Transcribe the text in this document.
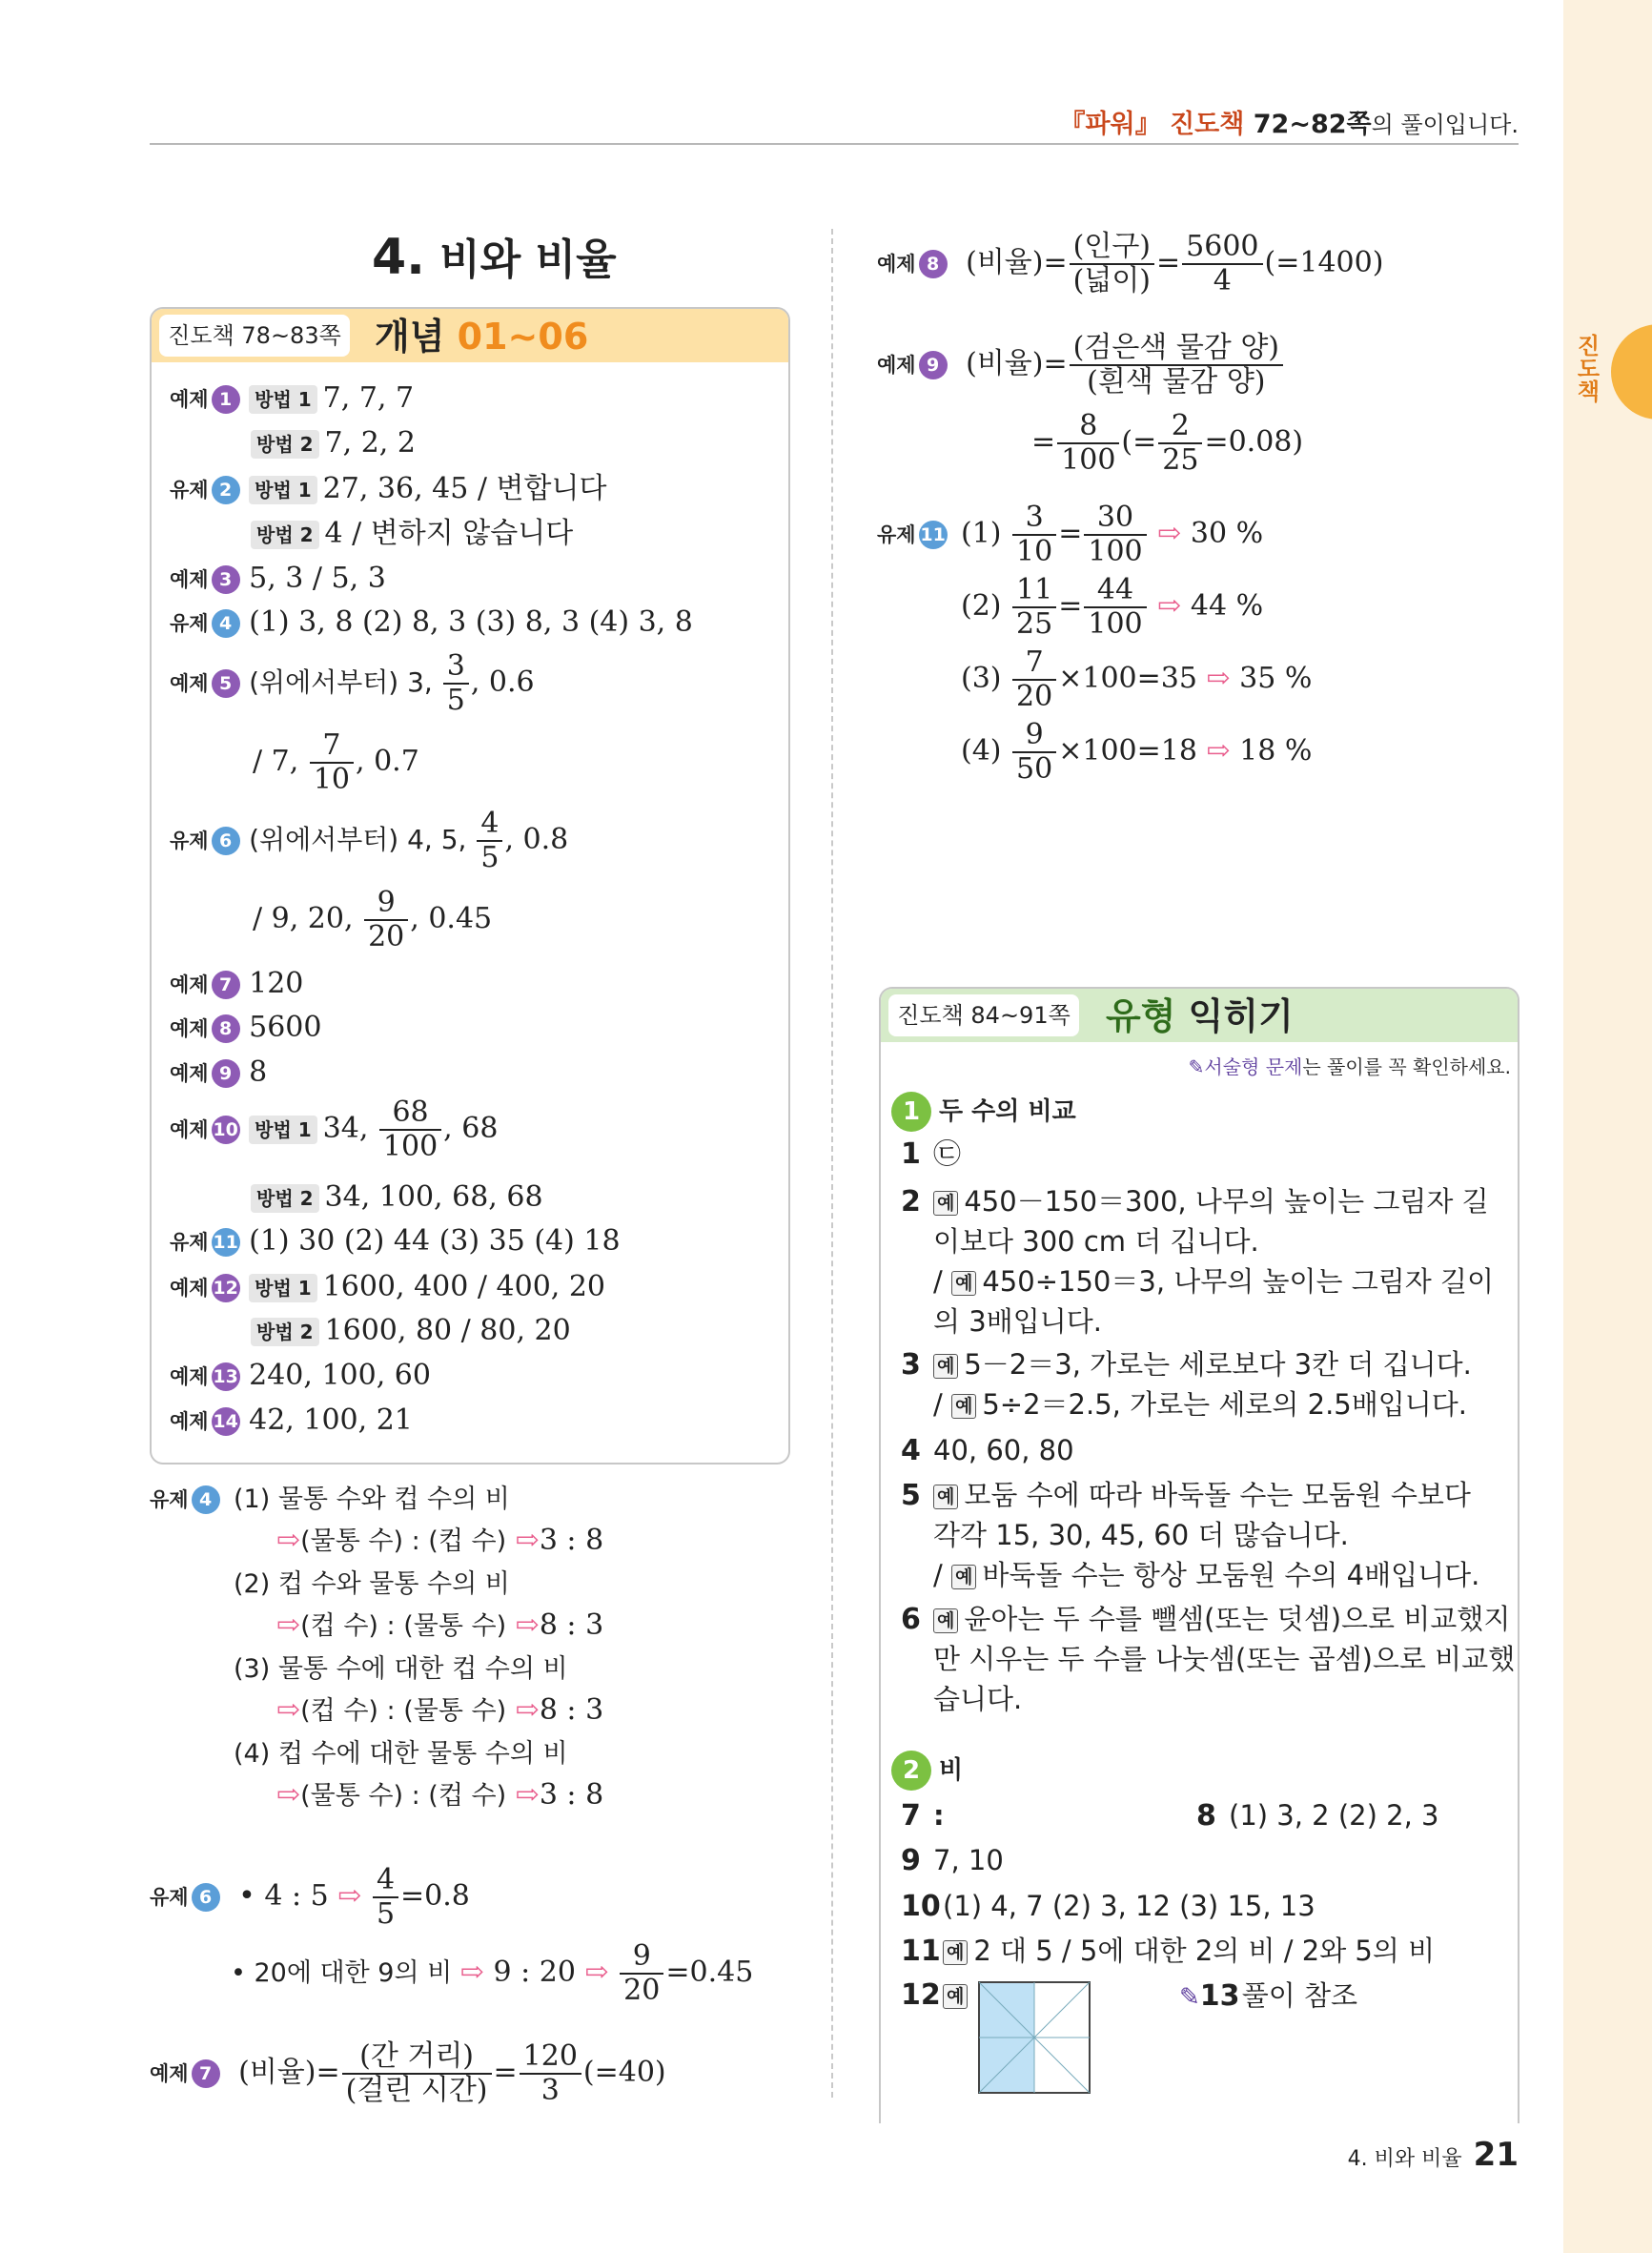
진도책
『파워』 진도책 72~82쪽의 풀이입니다.
4. 비와 비율
진도책 78~83쪽 개념 01~06
예제 1 방법 1 7, 7, 7
방법 2 7, 2, 2
유제 2 방법 1 27, 36, 45 / 변합니다
방법 2 4 / 변하지 않습니다
예제 3 5, 3 / 5, 3
유제 4 (1) 3, 8 (2) 8, 3 (3) 8, 3 (4) 3, 8
예제 7 120
예제 8 5600
예제 9 8
방법 2 34, 100, 68, 68
유제 11 (1) 30 (2) 44 (3) 35 (4) 18
예제 12 방법 1 1600, 400 / 400, 20
방법 2 1600, 80 / 80, 20
예제 13 240, 100, 60
예제 14 42, 100, 21
예제 5 (위에서부터) 3, $\frac{3}{5}$ , 0.6
/ 7, $\frac{7}{10}$ , 0.7
유제 6 (위에서부터) 4, 5, $\frac{4}{5}$ , 0.8
/ 9, 20, $\frac{9}{20}$ , 0.45
예제 10 방법 1 34, $\frac{68}{100}$ , 68
유제 4 (1) 물통 수와 컵 수의 비
⇨(물통 수) : (컵 수) ⇨3 : 8
(2) 컵 수와 물통 수의 비
⇨(컵 수) : (물통 수) ⇨8 : 3
(3) 물통 수에 대한 컵 수의 비
⇨(컵 수) : (물통 수) ⇨8 : 3
(4) 컵 수에 대한 물통 수의 비
⇨(물통 수) : (컵 수) ⇨3 : 8
유제 6 • 4 : 5 ⇨ $\frac{4}{5} =0.8$
• 20에 대한 9의 비 ⇨ 9 : 20 ⇨ $\frac{9}{20} =0.45$
예제 7 (비율)= $\frac{\text{(간 거리)}}{\text{(걸린 시간)}} = \frac{120}{3} (=40)$
예제 8 (비율)= $\frac{\text{(인구)}}{\text{(넓이)}} = \frac{5600}{4} (=1400)$
예제 9 (비율)= $\frac{\text{(검은색 물감 양)}}{\text{(흰색 물감 양)}}$
= $\frac{8}{100}$ (= $\frac{2}{25} =0.08$)
유제 11 $(1) \frac{3}{10} = \frac{30}{100}$ ⇨ 30 %
$(2) \frac{11}{25} = \frac{44}{100}$ ⇨ 44 %
$(3) \frac{7}{20} \times 100=35$ ⇨ 35 %
$(4) \frac{9}{50} \times 100=18$ ⇨ 18 %
진도책 84~91쪽 유형 익히기
✎서술형 문제는 풀이를 꼭 확인하세요.
1 두 수의 비교
1 ㉢
2 예 450－150＝300, 나무의 높이는 그림자 길
이보다 300 cm 더 깁니다.
/ 예 450÷150＝3, 나무의 높이는 그림자 길이
의 3배입니다.
3 예 5－2＝3, 가로는 세로보다 3칸 더 깁니다.
/ 예 5÷2＝2.5, 가로는 세로의 2.5배입니다.
4 40, 60, 80
5 예 모둠 수에 따라 바둑돌 수는 모둠원 수보다
각각 15, 30, 45, 60 더 많습니다.
/ 예 바둑돌 수는 항상 모둠원 수의 4배입니다.
6 예 윤아는 두 수를 뺄셈(또는 덧셈)으로 비교했지
만 시우는 두 수를 나눗셈(또는 곱셈)으로 비교했
습니다.
2 비
7 :	8 (1) 3, 2 (2) 2, 3
9 7, 10
10(1) 4, 7 (2) 3, 12 (3) 15, 13
11 예 2 대 5 / 5에 대한 2의 비 / 2와 5의 비
12 예	✎13풀이 참조
4. 비와 비율 21
